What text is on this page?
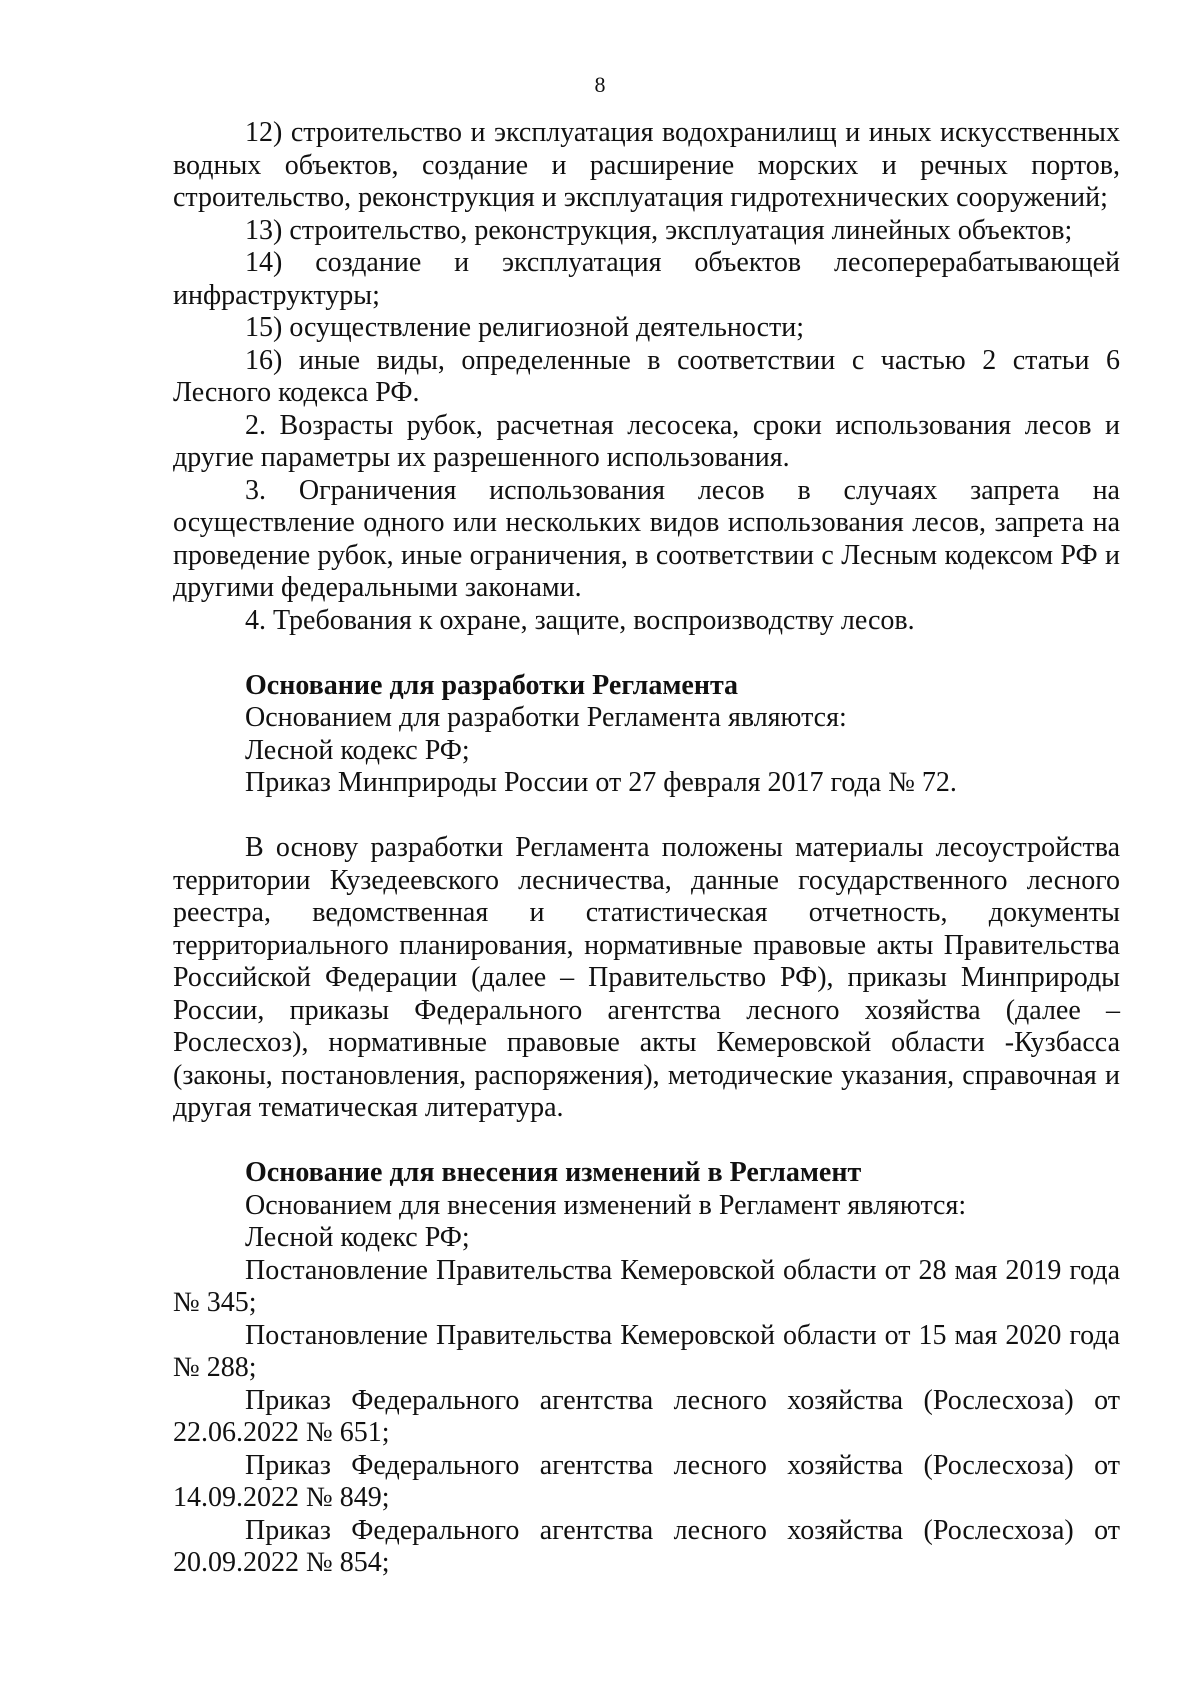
8

12) строительство и эксплуатация водохранилищ и иных искусственных водных объектов, создание и расширение морских и речных портов, строительство, реконструкция и эксплуатация гидротехнических сооружений;

13) строительство, реконструкция, эксплуатация линейных объектов;

14) создание и эксплуатация объектов лесоперерабатывающей инфраструктуры;

15) осуществление религиозной деятельности;

16) иные виды, определенные в соответствии с частью 2 статьи 6 Лесного кодекса РФ.

2. Возрасты рубок, расчетная лесосека, сроки использования лесов и другие параметры их разрешенного использования.

3. Ограничения использования лесов в случаях запрета на осуществление одного или нескольких видов использования лесов, запрета на проведение рубок, иные ограничения, в соответствии с Лесным кодексом РФ и другими федеральными законами.

4. Требования к охране, защите, воспроизводству лесов.

Основание для разработки Регламента

Основанием для разработки Регламента являются:

Лесной кодекс РФ;

Приказ Минприроды России от 27 февраля 2017 года № 72.

В основу разработки Регламента положены материалы лесоустройства территории Кузедеевского лесничества, данные государственного лесного реестра, ведомственная и статистическая отчетность, документы территориального планирования, нормативные правовые акты Правительства Российской Федерации (далее – Правительство РФ), приказы Минприроды России, приказы Федерального агентства лесного хозяйства (далее – Рослесхоз), нормативные правовые акты Кемеровской области -Кузбасса (законы, постановления, распоряжения), методические указания, справочная и другая тематическая литература.

Основание для внесения изменений в Регламент

Основанием для внесения изменений в Регламент являются:

Лесной кодекс РФ;

Постановление Правительства Кемеровской области от 28 мая 2019 года № 345;

Постановление Правительства Кемеровской области от 15 мая 2020 года № 288;

Приказ Федерального агентства лесного хозяйства (Рослесхоза) от 22.06.2022 № 651;

Приказ Федерального агентства лесного хозяйства (Рослесхоза) от 14.09.2022 № 849;

Приказ Федерального агентства лесного хозяйства (Рослесхоза) от 20.09.2022 № 854;
